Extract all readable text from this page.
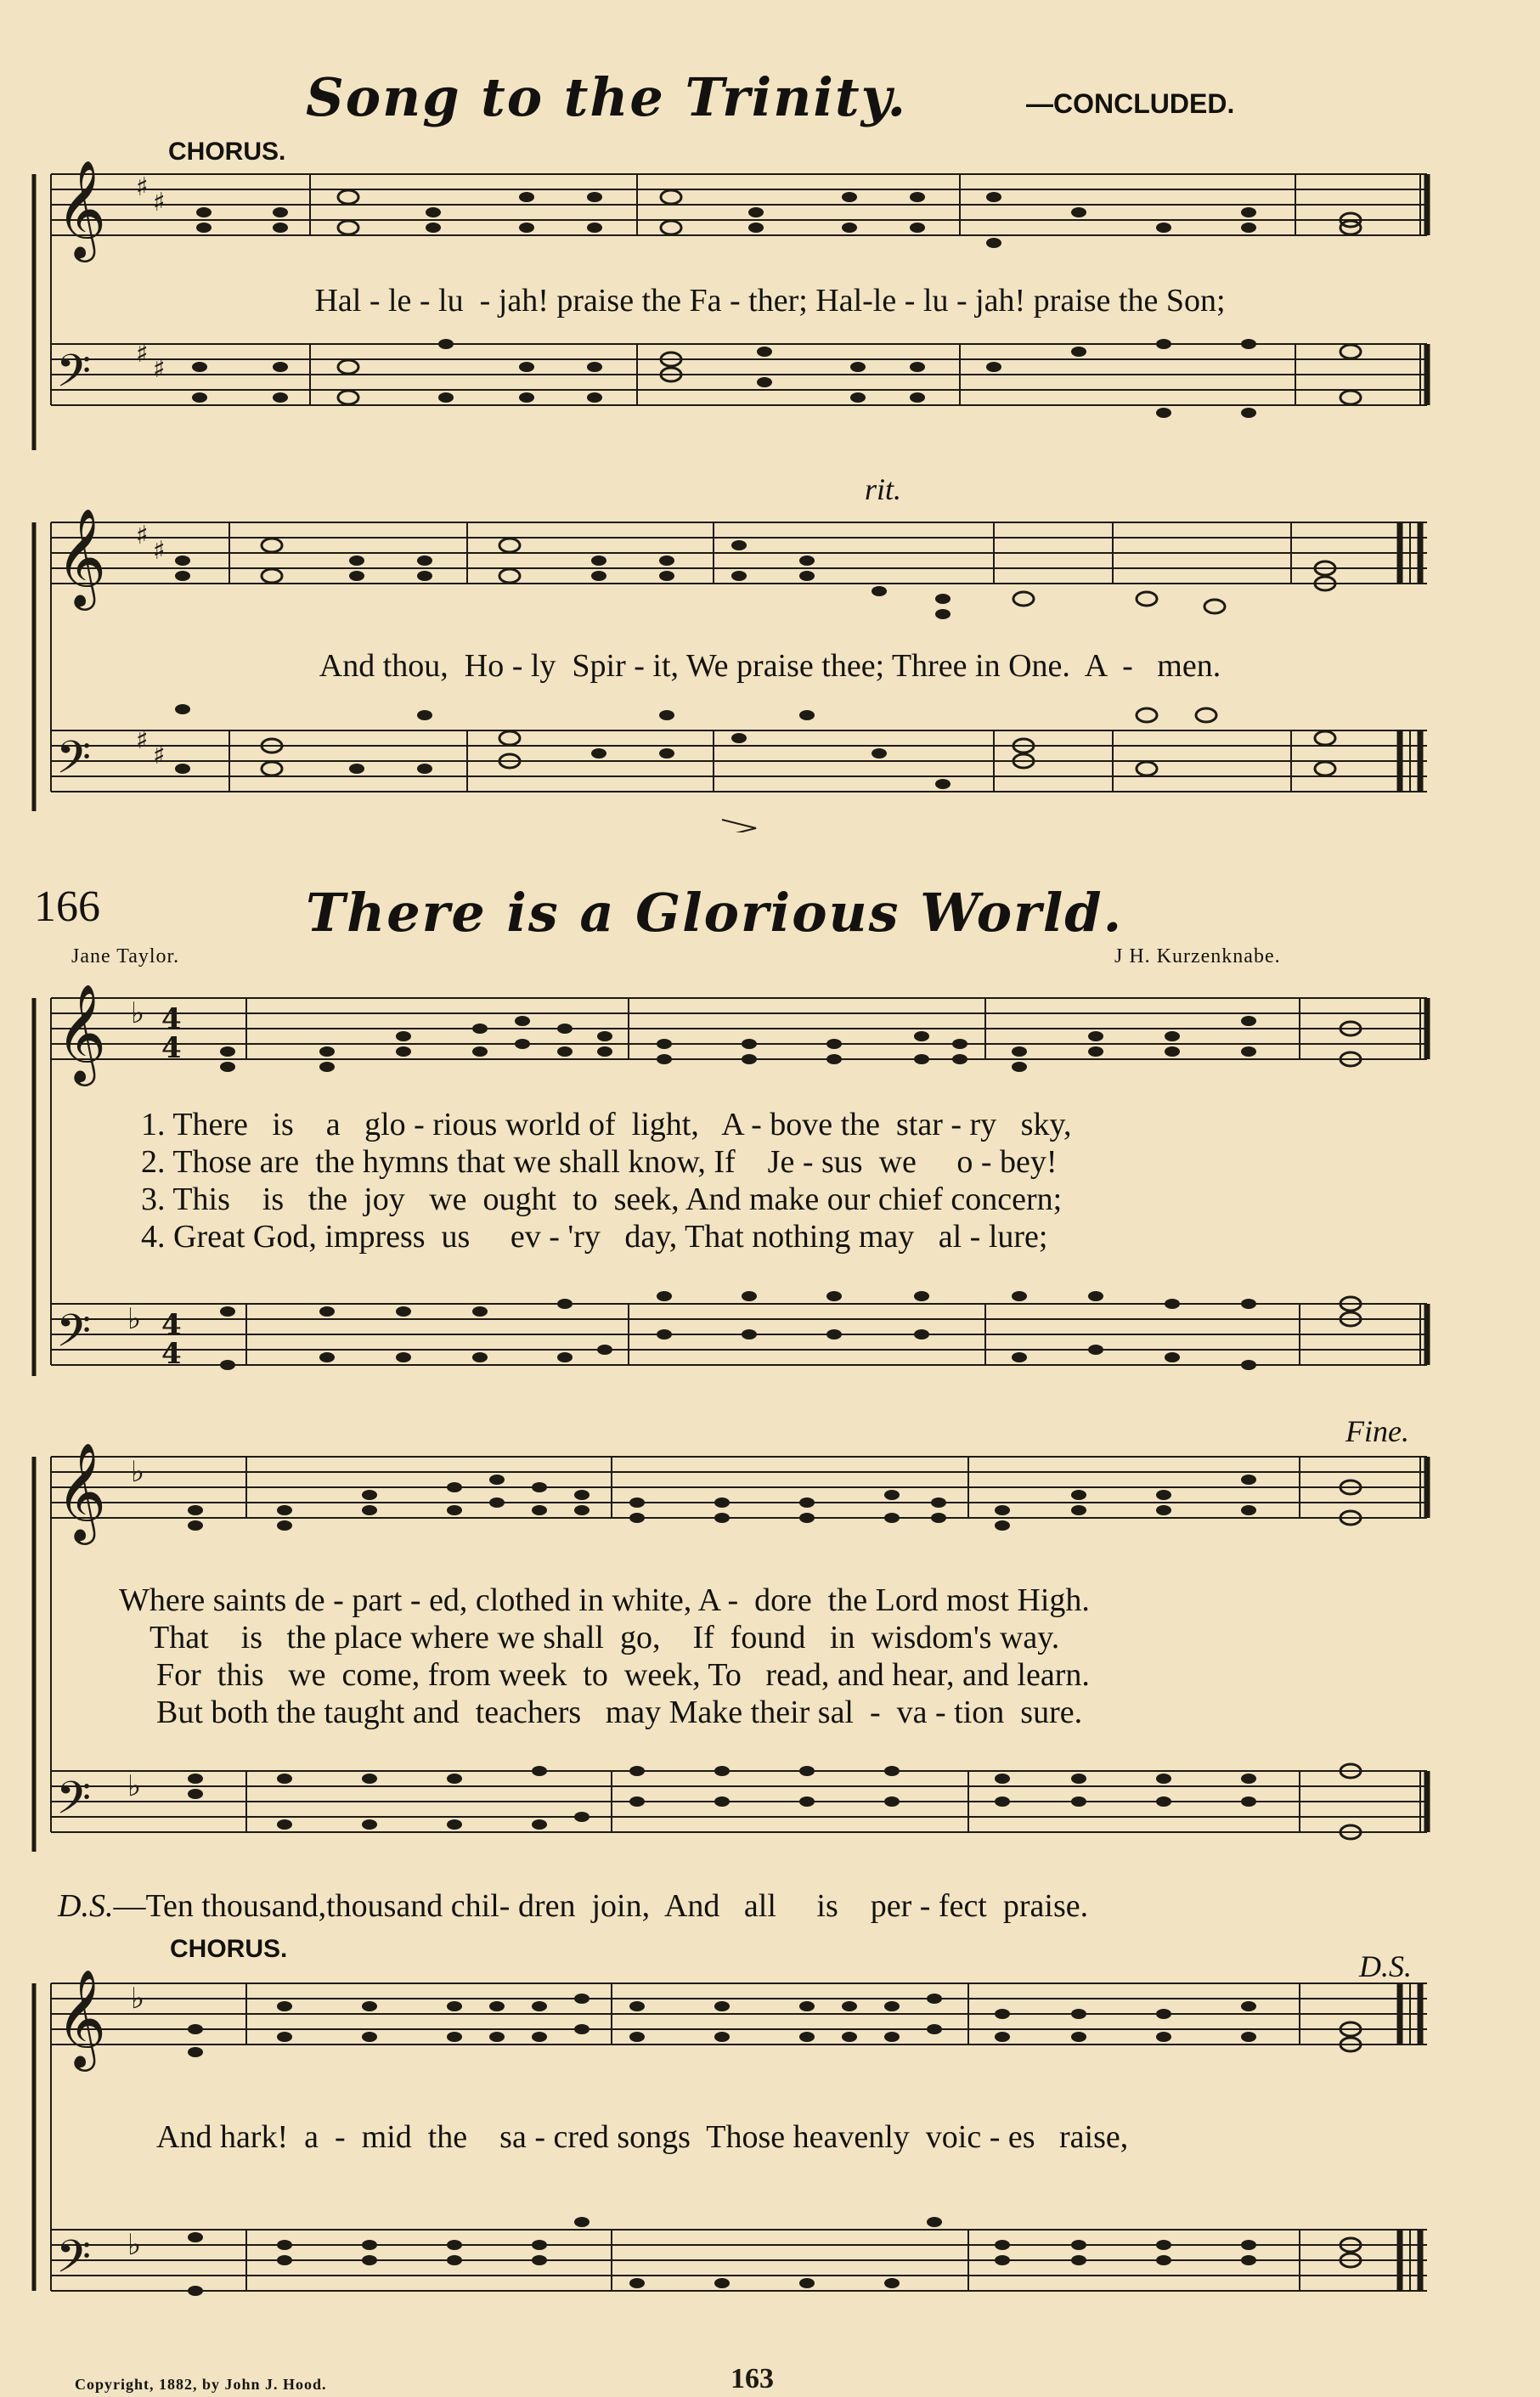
Song to the Trinity.	—CONCLUDED.
CHORUS.
𝄞
𝄢
♯
♯
♯
♯
Hal - le - lu  - jah! praise the Fa - ther; Hal-le - lu - jah! praise the Son;
rit.
𝄞
𝄢
♯
♯
♯
♯
And thou,  Ho - ly  Spir - it, We praise thee; Three in One.  A  -   men.
166	There is a Glorious World.
Jane Taylor.	J H. Kurzenknabe.
𝄞
𝄢
♭
♭
4
4
4
4
1. There   is    a   glo - rious world of  light,   A - bove the  star - ry   sky,
2. Those are  the hymns that we shall know, If    Je - sus  we     o - bey!
3. This    is   the  joy   we  ought  to  seek, And make our chief concern;
4. Great God, impress  us     ev - 'ry   day, That nothing may   al - lure;
Fine.
𝄞
𝄢
♭
♭
Where saints de - part - ed, clothed in white, A -  dore  the Lord most High.
That    is   the place where we shall  go,    If  found   in  wisdom's way.
For  this   we  come, from week  to  week, To   read, and hear, and learn.
But both the taught and  teachers   may Make their sal  -  va - tion  sure.
D.S.—Ten thousand,thousand chil- dren  join,  And   all     is    per - fect  praise.
CHORUS.
D.S.
𝄞
𝄢
♭
♭
And hark!  a  -  mid  the    sa - cred songs  Those heavenly  voic - es   raise,
Copyright, 1882, by John J. Hood.	163
